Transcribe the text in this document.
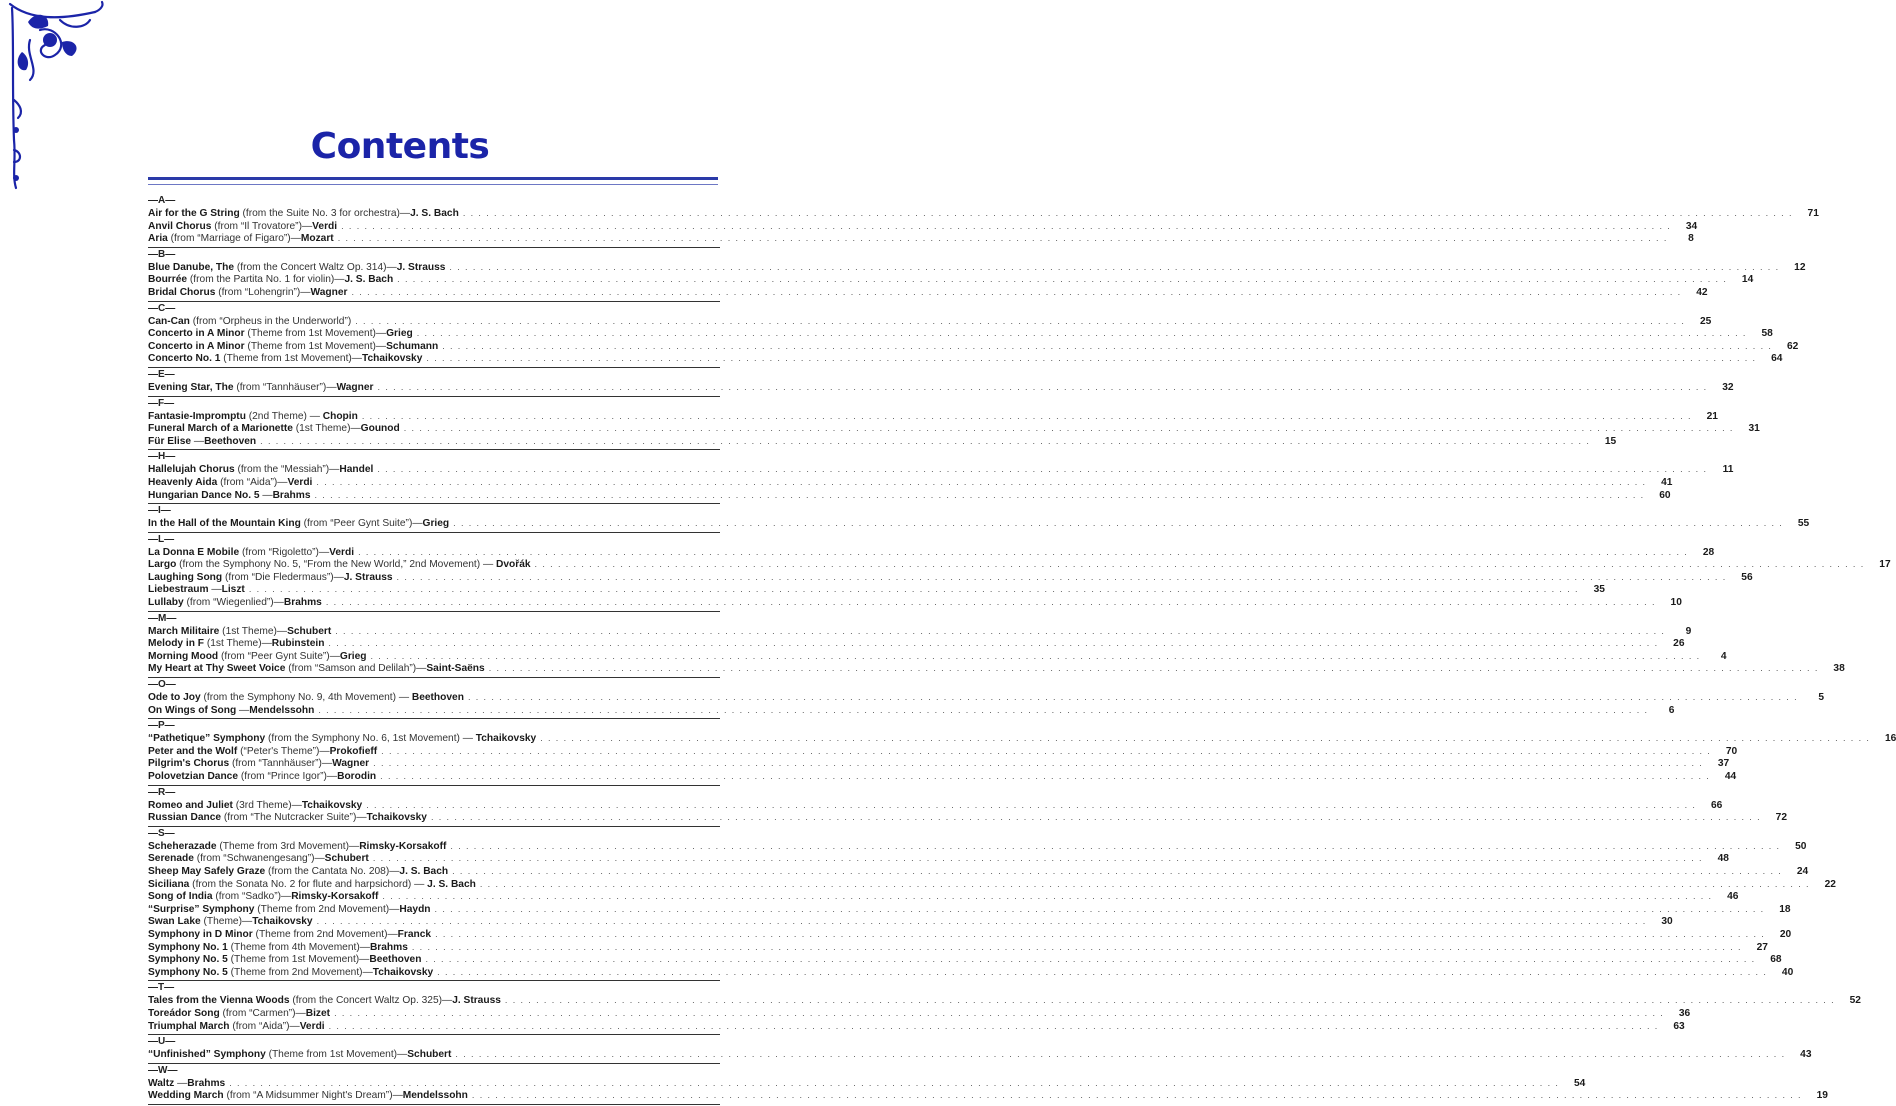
Contents
—A—
Air for the G String (from the Suite No. 3 for orchestra)—J. S. Bach . . .	71
Anvil Chorus (from “Il Trovatore”)—Verdi . . .	34
Aria (from “Marriage of Figaro”)—Mozart . . .	8
—B—
Blue Danube, The (from the Concert Waltz Op. 314)—J. Strauss . . .	12
Bourrée (from the Partita No. 1 for violin)—J. S. Bach . . .	14
Bridal Chorus (from “Lohengrin”)—Wagner . . .	42
—C—
Can-Can (from “Orpheus in the Underworld”) . . .	25
Concerto in A Minor (Theme from 1st Movement)—Grieg . . .	58
Concerto in A Minor (Theme from 1st Movement)—Schumann . . .	62
Concerto No. 1 (Theme from 1st Movement)—Tchaikovsky . . .	64
—E—
Evening Star, The (from “Tannhäuser”)—Wagner . . .	32
—F—
Fantasie-Impromptu (2nd Theme) — Chopin . . .	21
Funeral March of a Marionette (1st Theme)—Gounod . . .	31
Für Elise —Beethoven . . .	15
—H—
Hallelujah Chorus (from the “Messiah”)—Handel . . .	11
Heavenly Aida (from “Aida”)—Verdi . . .	41
Hungarian Dance No. 5 —Brahms . . .	60
—I—
In the Hall of the Mountain King (from “Peer Gynt Suite”)—Grieg . . .	55
—L—
La Donna E Mobile (from “Rigoletto”)—Verdi . . .	28
Largo (from the Symphony No. 5, “From the New World,” 2nd Movement) — Dvořák . . .	17
Laughing Song (from “Die Fledermaus”)—J. Strauss . . .	56
Liebestraum —Liszt . . .	35
Lullaby (from “Wiegenlied”)—Brahms . . .	10
—M—
March Militaire (1st Theme)—Schubert . . .	9
Melody in F (1st Theme)—Rubinstein . . .	26
Morning Mood (from “Peer Gynt Suite”)—Grieg . . .	4
My Heart at Thy Sweet Voice (from “Samson and Delilah”)—Saint-Saëns . . .	38
—O—
Ode to Joy (from the Symphony No. 9, 4th Movement) — Beethoven . . .	5
On Wings of Song —Mendelssohn . . .	6
—P—
“Pathetique” Symphony (from the Symphony No. 6, 1st Movement) — Tchaikovsky . . .	16
Peter and the Wolf (“Peter's Theme”)—Prokofieff . . .	70
Pilgrim's Chorus (from “Tannhäuser”)—Wagner . . .	37
Polovetzian Dance (from “Prince Igor”)—Borodin . . .	44
—R—
Romeo and Juliet (3rd Theme)—Tchaikovsky . . .	66
Russian Dance (from “The Nutcracker Suite”)—Tchaikovsky . . .	72
—S—
Scheherazade (Theme from 3rd Movement)—Rimsky-Korsakoff . . .	50
Serenade (from “Schwanengesang”)—Schubert . . .	48
Sheep May Safely Graze (from the Cantata No. 208)—J. S. Bach . . .	24
Siciliana (from the Sonata No. 2 for flute and harpsichord) — J. S. Bach . . .	22
Song of India (from “Sadko”)—Rimsky-Korsakoff . . .	46
“Surprise” Symphony (Theme from 2nd Movement)—Haydn . . .	18
Swan Lake (Theme)—Tchaikovsky . . .	30
Symphony in D Minor (Theme from 2nd Movement)—Franck . . .	20
Symphony No. 1 (Theme from 4th Movement)—Brahms . . .	27
Symphony No. 5 (Theme from 1st Movement)—Beethoven . . .	68
Symphony No. 5 (Theme from 2nd Movement)—Tchaikovsky . . .	40
—T—
Tales from the Vienna Woods (from the Concert Waltz Op. 325)—J. Strauss . . .	52
Toreádor Song (from “Carmen”)—Bizet . . .	36
Triumphal March (from “Aida”)—Verdi . . .	63
—U—
“Unfinished” Symphony (Theme from 1st Movement)—Schubert . . .	43
—W—
Waltz —Brahms . . .	54
Wedding March (from “A Midsummer Night's Dream”)—Mendelssohn . . .	19
